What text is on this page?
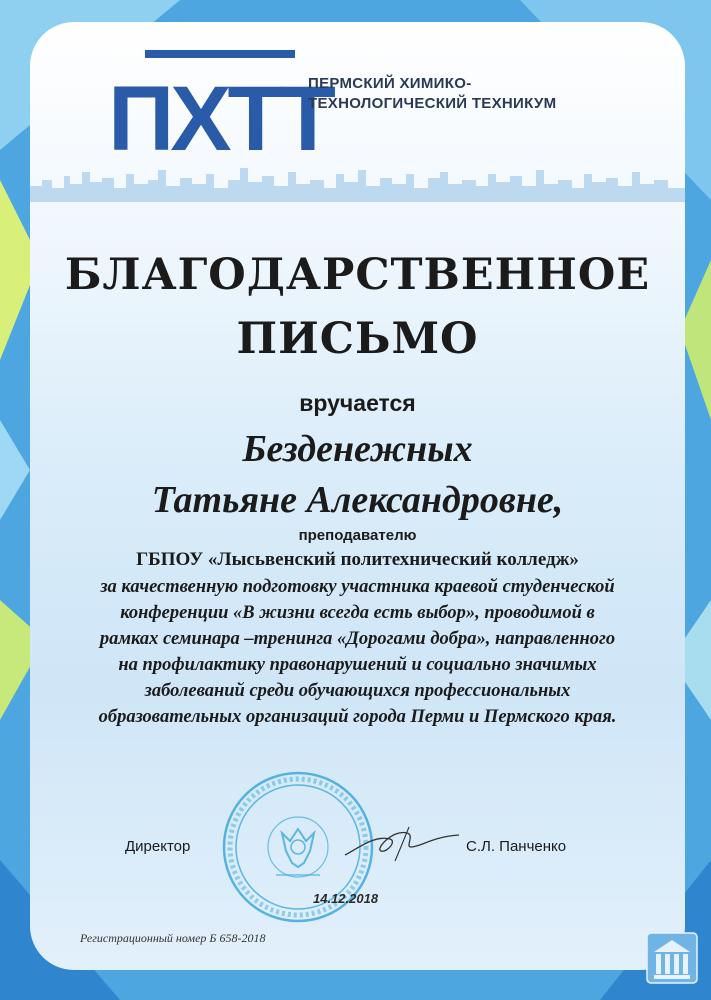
ПХТТ
ПЕРМСКИЙ ХИМИКО-
ТЕХНОЛОГИЧЕСКИЙ ТЕХНИКУМ
БЛАГОДАРСТВЕННОЕ
ПИСЬМО
вручается
Безденежных
Татьяне Александровне,
преподавателю
ГБПОУ «Лысьвенский политехнический колледж»
за качественную подготовку участника краевой студенческой
конференции «В жизни всегда есть выбор», проводимой в
рамках семинара –тренинга «Дорогами добра», направленного
на профилактику правонарушений и социально значимых
заболеваний среди обучающихся профессиональных
образовательных организаций города Перми и Пермского края.
Директор	С.Л. Панченко
14.12.2018
Регистрационный номер Б 658-2018
